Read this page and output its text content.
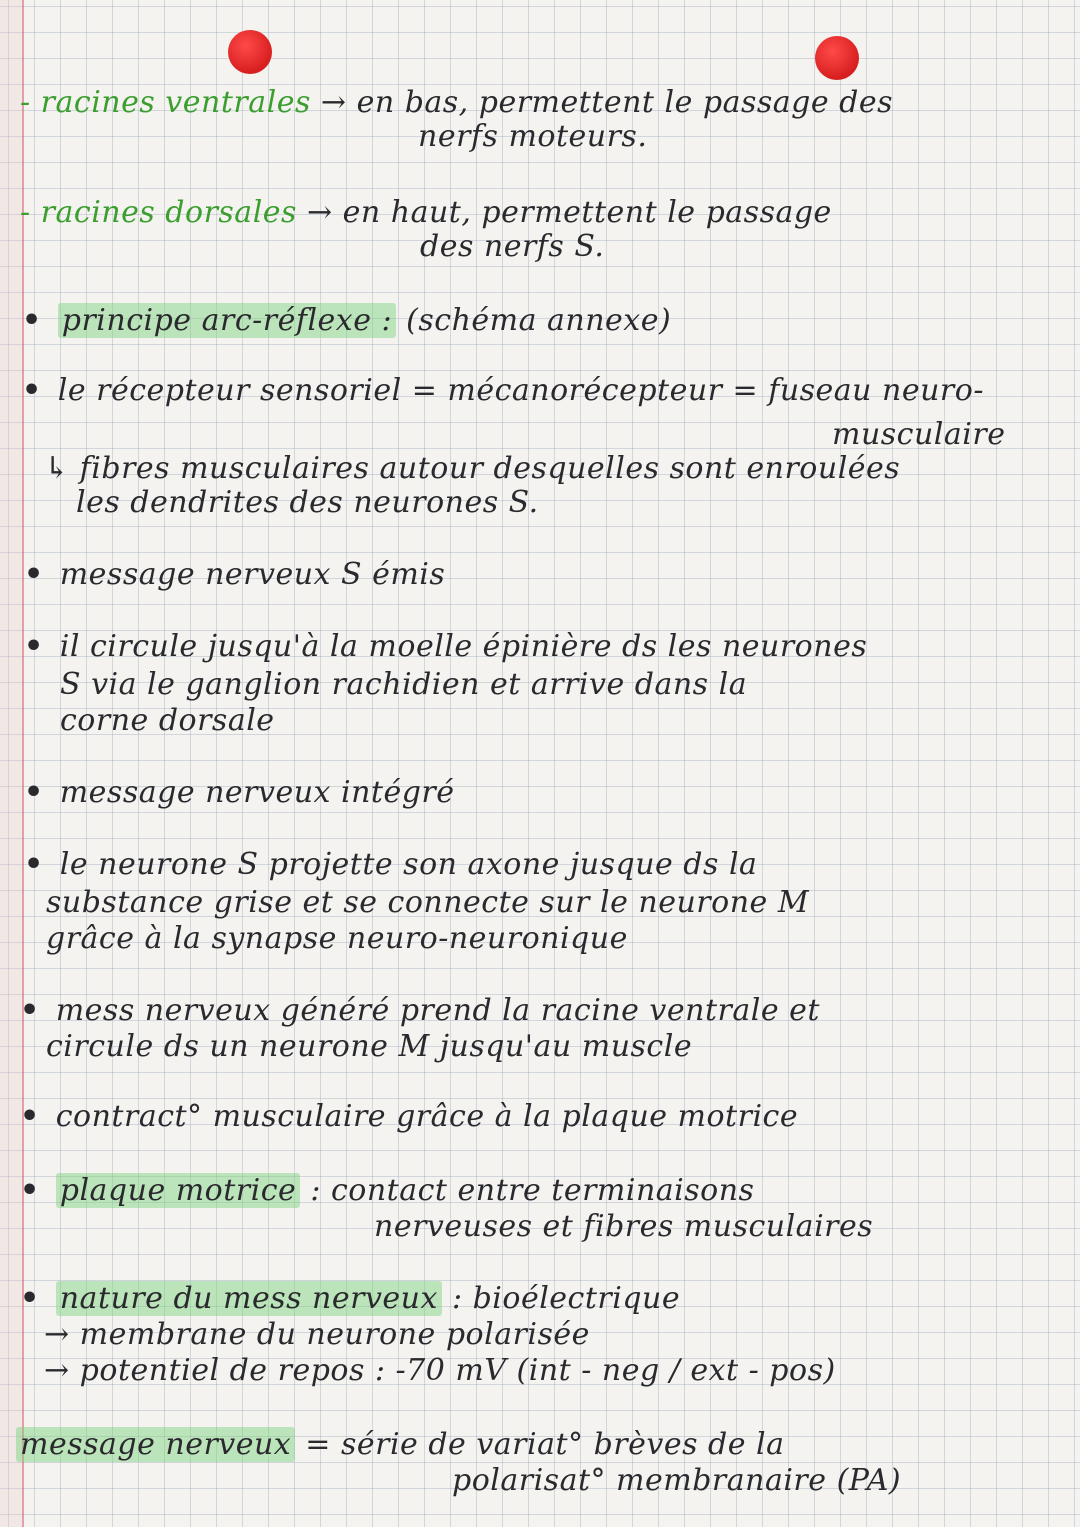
- racines ventrales → en bas, permettent le passage des

nerfs moteurs.

- racines dorsales → en haut, permettent le passage

des nerfs S.

• principe arc-réflexe : (schéma annexe)

• le récepteur sensoriel = mécanorécepteur = fuseau neuro-

musculaire

↳ fibres musculaires autour desquelles sont enroulées

les dendrites des neurones S.

• message nerveux S émis

• il circule jusqu'à la moelle épinière ds les neurones

S via le ganglion rachidien et arrive dans la

corne dorsale

• message nerveux intégré

• le neurone S projette son axone jusque ds la

substance grise et se connecte sur le neurone M

grâce à la synapse neuro-neuronique

• mess nerveux généré prend la racine ventrale et

circule ds un neurone M jusqu'au muscle

• contract° musculaire grâce à la plaque motrice

• plaque motrice : contact entre terminaisons

nerveuses et fibres musculaires

• nature du mess nerveux : bioélectrique

→ membrane du neurone polarisée

→ potentiel de repos : -70 mV (int - neg / ext - pos)

message nerveux = série de variat° brèves de la

polarisat° membranaire (PA)
